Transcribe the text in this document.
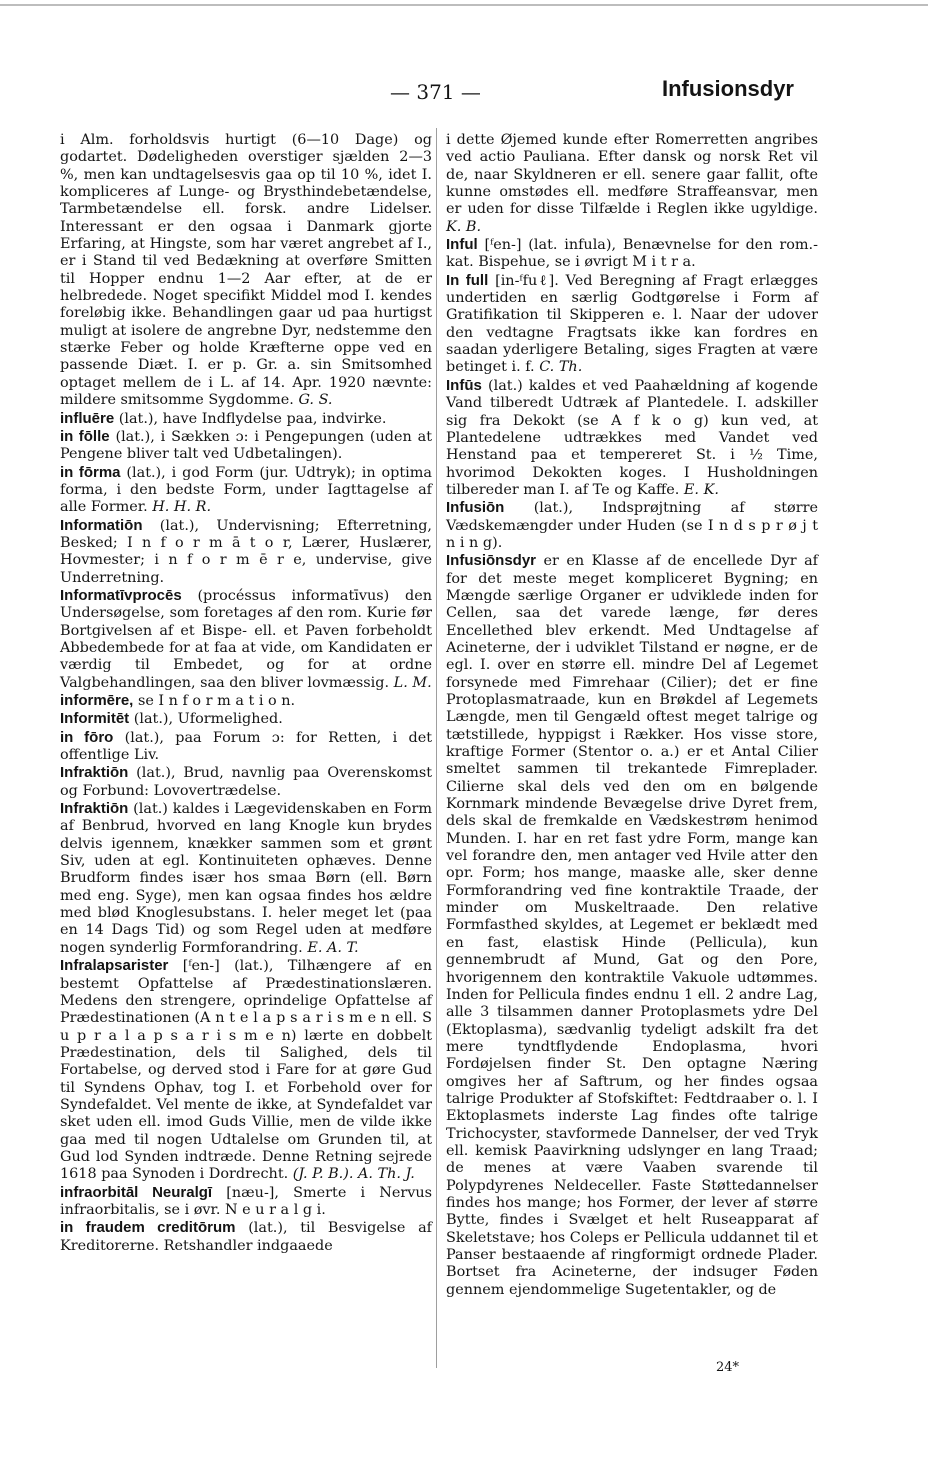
— 371 —	Infusionsdyr

i Alm. forholdsvis hurtigt (6—10 Dage) og godartet. Dødeligheden overstiger sjælden 2—3 %, men kan undtagelsesvis gaa op til 10 %, idet I. kompliceres af Lunge- og Brysthindebetændelse, Tarmbetændelse ell. forsk. andre Lidelser. Interessant er den ogsaa i Danmark gjorte Erfaring, at Hingste, som har været angrebet af I., er i Stand til ved Bedækning at overføre Smitten til Hopper endnu 1—2 Aar efter, at de er helbredede. Noget specifikt Middel mod I. kendes foreløbig ikke. Behandlingen gaar ud paa hurtigst muligt at isolere de angrebne Dyr, nedstemme den stærke Feber og holde Kræfterne oppe ved en passende Diæt. I. er p. Gr. a. sin Smitsomhed optaget mellem de i L. af 14. Apr. 1920 nævnte: mildere smitsomme Sygdomme. G. S.

influēre (lat.), have Indflydelse paa, indvirke.

in fōlle (lat.), i Sækken ɔ: i Pengepungen (uden at Pengene bliver talt ved Udbetalingen).

in fōrma (lat.), i god Form (jur. Udtryk); in optima forma, i den bedste Form, under Iagttagelse af alle Former. H. H. R.

Informatiōn (lat.), Undervisning; Efterretning, Besked; I n f o r m ā t o r, Lærer, Huslærer, Hovmester; i n f o r m ē r e, undervise, give Underretning.

Informatīvprocēs (procéssus informatīvus) den Undersøgelse, som foretages af den rom. Kurie før Bortgivelsen af et Bispe- ell. et Paven forbeholdt Abbedembede for at faa at vide, om Kandidaten er værdig til Embedet, og for at ordne Valgbehandlingen, saa den bliver lovmæssig. L. M.

informēre, se I n f o r m a t i o n.

Informitēt (lat.), Uformelighed.

in fōro (lat.), paa Forum ɔ: for Retten, i det offentlige Liv.

Infraktiōn (lat.), Brud, navnlig paa Overenskomst og Forbund: Lovovertrædelse.

Infraktiōn (lat.) kaldes i Lægevidenskaben en Form af Benbrud, hvorved en lang Knogle kun brydes delvis igennem, knækker sammen som et grønt Siv, uden at egl. Kontinuiteten ophæves. Denne Brudform findes især hos smaa Børn (ell. Børn med eng. Syge), men kan ogsaa findes hos ældre med blød Knoglesubstans. I. heler meget let (paa en 14 Dags Tid) og som Regel uden at medføre nogen synderlig Formforandring. E. A. T.

Infralapsarister [ᶠen-] (lat.), Tilhængere af en bestemt Opfattelse af Prædestinationslæren. Medens den strengere, oprindelige Opfattelse af Prædestinationen (A n t e l a p s a r i s m e n ell. S u p r a l a p s a r i s m e n) lærte en dobbelt Prædestination, dels til Salighed, dels til Fortabelse, og derved stod i Fare for at gøre Gud til Syndens Ophav, tog I. et Forbehold over for Syndefaldet. Vel mente de ikke, at Syndefaldet var sket uden ell. imod Guds Villie, men de vilde ikke gaa med til nogen Udtalelse om Grunden til, at Gud lod Synden indtræde. Denne Retning sejrede 1618 paa Synoden i Dordrecht. (J. P. B.). A. Th. J.

infraorbitāl Neuralgī [næu-], Smerte i Nervus infraorbitalis, se i øvr. N e u r a l g i.

in fraudem creditōrum (lat.), til Besvigelse af Kreditorerne. Retshandler indgaaede

i dette Øjemed kunde efter Romerretten angribes ved actio Pauliana. Efter dansk og norsk Ret vil de, naar Skyldneren er ell. senere gaar fallit, ofte kunne omstødes ell. medføre Straffeansvar, men er uden for disse Tilfælde i Reglen ikke ugyldige. K. B.

Inful [ᶠen-] (lat. infula), Benævnelse for den rom.-kat. Bispehue, se i øvrigt M i t r a.

In full [in-ᶠfuℓ]. Ved Beregning af Fragt erlægges undertiden en særlig Godtgørelse i Form af Gratifikation til Skipperen e. l. Naar der udover den vedtagne Fragtsats ikke kan fordres en saadan yderligere Betaling, siges Fragten at være betinget i. f. C. Th.

Infūs (lat.) kaldes et ved Paahældning af kogende Vand tilberedt Udtræk af Plantedele. I. adskiller sig fra Dekokt (se A f k o g) kun ved, at Plantedelene udtrækkes med Vandet ved Henstand paa et tempereret St. i ½ Time, hvorimod Dekokten koges. I Husholdningen tilbereder man I. af Te og Kaffe. E. K.

Infusiōn (lat.), Indsprøjtning af større Vædskemængder under Huden (se I n d s p r ø j t n i n g).

Infusiōnsdyr er en Klasse af de encellede Dyr af for det meste meget kompliceret Bygning; en Mængde særlige Organer er udviklede inden for Cellen, saa det varede længe, før deres Encellethed blev erkendt. Med Undtagelse af Acineterne, der i udviklet Tilstand er nøgne, er de egl. I. over en større ell. mindre Del af Legemet forsynede med Fimrehaar (Cilier); det er fine Protoplasmatraade, kun en Brøkdel af Legemets Længde, men til Gengæld oftest meget talrige og tætstillede, hyppigst i Rækker. Hos visse store, kraftige Former (Stentor o. a.) er et Antal Cilier smeltet sammen til trekantede Fimreplader. Cilierne skal dels ved den om en bølgende Kornmark mindende Bevægelse drive Dyret frem, dels skal de fremkalde en Vædskestrøm henimod Munden. I. har en ret fast ydre Form, mange kan vel forandre den, men antager ved Hvile atter den opr. Form; hos mange, maaske alle, sker denne Formforandring ved fine kontraktile Traade, der minder om Muskeltraade. Den relative Formfasthed skyldes, at Legemet er beklædt med en fast, elastisk Hinde (Pellicula), kun gennembrudt af Mund, Gat og den Pore, hvorigennem den kontraktile Vakuole udtømmes. Inden for Pellicula findes endnu 1 ell. 2 andre Lag, alle 3 tilsammen danner Protoplasmets ydre Del (Ektoplasma), sædvanlig tydeligt adskilt fra det mere tyndtflydende Endoplasma, hvori Fordøjelsen finder St. Den optagne Næring omgives her af Saftrum, og her findes ogsaa talrige Produkter af Stofskiftet: Fedtdraaber o. l. I Ektoplasmets inderste Lag findes ofte talrige Trichocyster, stavformede Dannelser, der ved Tryk ell. kemisk Paavirkning udslynger en lang Traad; de menes at være Vaaben svarende til Polypdyrenes Neldeceller. Faste Støttedannelser findes hos mange; hos Former, der lever af større Bytte, findes i Svælget et helt Ruseapparat af Skeletstave; hos Coleps er Pellicula uddannet til et Panser bestaaende af ringformigt ordnede Plader. Bortset fra Acineterne, der indsuger Føden gennem ejendommelige Sugetentakler, og de

24*
